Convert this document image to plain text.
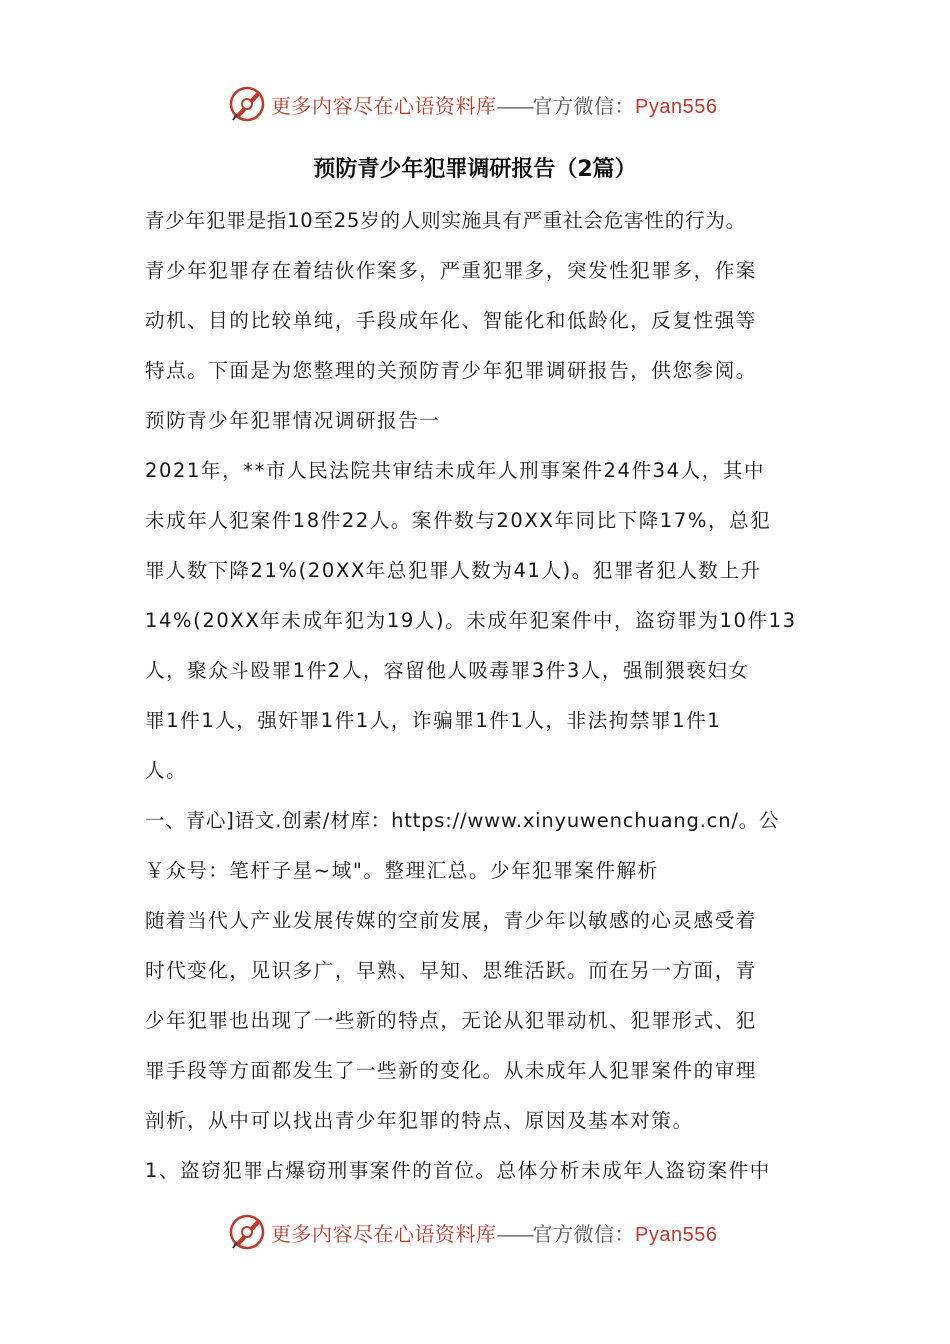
更多内容尽在心语资料库——官方微信：Pyan556
预防青少年犯罪调研报告（2篇）
青少年犯罪是指10至25岁的人则实施具有严重社会危害性的行为。
青少年犯罪存在着结伙作案多，严重犯罪多，突发性犯罪多，作案
动机、目的比较单纯，手段成年化、智能化和低龄化，反复性强等
特点。下面是为您整理的关预防青少年犯罪调研报告，供您参阅。
预防青少年犯罪情况调研报告一
2021年，**市人民法院共审结未成年人刑事案件24件34人，其中
未成年人犯案件18件22人。案件数与20XX年同比下降17%，总犯
罪人数下降21%(20XX年总犯罪人数为41人)。犯罪者犯人数上升
14%(20XX年未成年犯为19人)。未成年犯案件中，盗窃罪为10件13
人，聚众斗殴罪1件2人，容留他人吸毒罪3件3人，强制猥亵妇女
罪1件1人，强奸罪1件1人，诈骗罪1件1人，非法拘禁罪1件1
人。
一、青心]语文.创素/材库：https://www.xinyuwenchuang.cn/。公
￥众号：笔杆子星~域"。整理汇总。少年犯罪案件解析
随着当代人产业发展传媒的空前发展，青少年以敏感的心灵感受着
时代变化，见识多广，早熟、早知、思维活跃。而在另一方面，青
少年犯罪也出现了一些新的特点，无论从犯罪动机、犯罪形式、犯
罪手段等方面都发生了一些新的变化。从未成年人犯罪案件的审理
剖析，从中可以找出青少年犯罪的特点、原因及基本对策。
1、盗窃犯罪占爆窃刑事案件的首位。总体分析未成年人盗窃案件中
更多内容尽在心语资料库——官方微信：Pyan556
